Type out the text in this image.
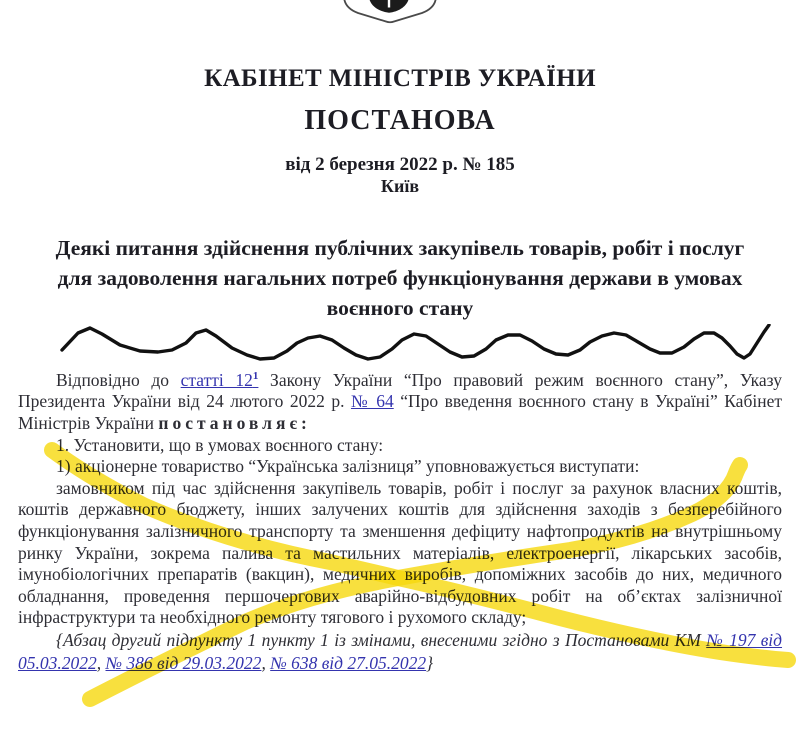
КАБІНЕТ МІНІСТРІВ УКРАЇНИ
ПОСТАНОВА
від 2 березня 2022 р. № 185
Київ
Деякі питання здійснення публічних закупівель товарів, робіт і послуг для задоволення нагальних потреб функціонування держави в умовах воєнного стану

Відповідно до статті $12^1$ Закону України “Про правовий режим воєнного стану”, Указу Президента України від 24 лютого 2022 р. № 64 “Про введення воєнного стану в Україні” Кабінет Міністрів України постановляє:

1. Установити, що в умовах воєнного стану:

1) акціонерне товариство “Українська залізниця” уповноважується виступати:

замовником під час здійснення закупівель товарів, робіт і послуг за рахунок власних коштів, коштів державного бюджету, інших залучених коштів для здійснення заходів з безперебійного функціонування залізничного транспорту та зменшення дефіциту нафтопродуктів на внутрішньому ринку України, зокрема палива та мастильних матеріалів, електроенергії, лікарських засобів, імунобіологічних препаратів (вакцин), медичних виробів, допоміжних засобів до них, медичного обладнання, проведення першочергових аварійно-відбудовних робіт на об’єктах залізничної інфраструктури та необхідного ремонту тягового і рухомого складу;

{Абзац другий підпункту 1 пункту 1 із змінами, внесеними згідно з Постановами КМ № 197 від 05.03.2022, № 386 від 29.03.2022, № 638 від 27.05.2022}
